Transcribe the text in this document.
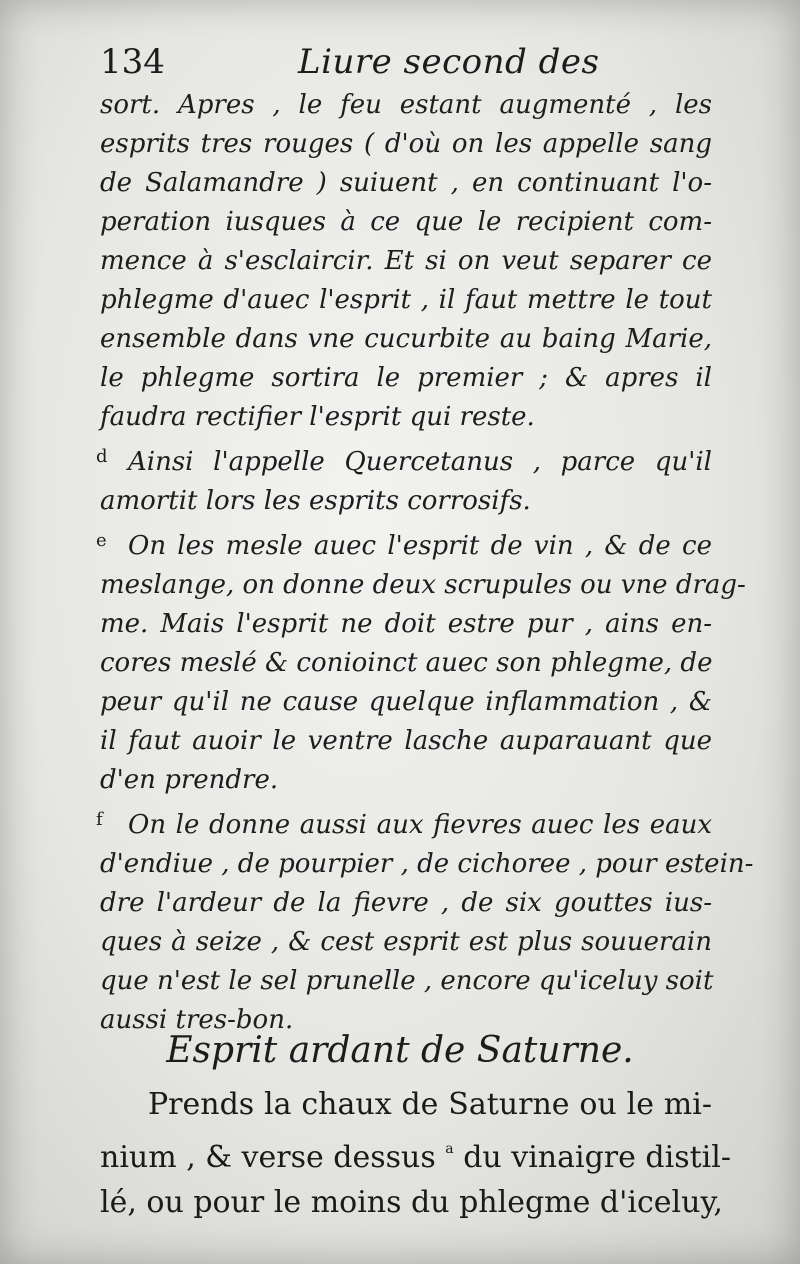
134	Liure second des
sort. Apres , le feu estant augmenté , les
esprits tres rouges ( d'où on les appelle sang
de Salamandre ) suiuent , en continuant l'o-
peration iusques à ce que le recipient com-
mence à s'esclaircir. Et si on veut separer ce
phlegme d'auec l'esprit , il faut mettre le tout
ensemble dans vne cucurbite au baing Marie,
le phlegme sortira le premier ; & apres il
faudra rectifier l'esprit qui reste.
d Ainsi l'appelle Quercetanus , parce qu'il
amortit lors les esprits corrosifs.
e On les mesle auec l'esprit de vin , & de ce
meslange, on donne deux scrupules ou vne drag-
me. Mais l'esprit ne doit estre pur , ains en-
cores meslé & conioinct auec son phlegme, de
peur qu'il ne cause quelque inflammation , &
il faut auoir le ventre lasche auparauant que
d'en prendre.
f On le donne aussi aux fievres auec les eaux
d'endiue , de pourpier , de cichoree , pour estein-
dre l'ardeur de la fievre , de six gouttes ius-
ques à seize , & cest esprit est plus souuerain
que n'est le sel prunelle , encore qu'iceluy soit
aussi tres-bon.
Esprit ardant de Saturne.
Prends la chaux de Saturne ou le mi-
nium , & verse dessus $^a$ du vinaigre distil-
lé, ou pour le moins du phlegme d'iceluy,
